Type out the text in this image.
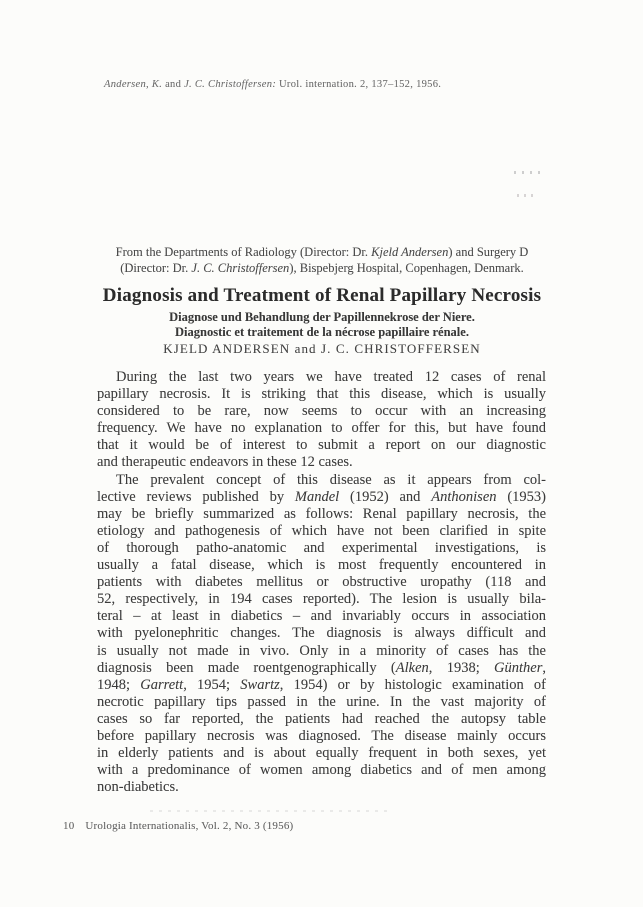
Andersen, K. and J. C. Christoffersen: Urol. internation. 2, 137–152, 1956.
From the Departments of Radiology (Director: Dr. Kjeld Andersen) and Surgery D
(Director: Dr. J. C. Christoffersen), Bispebjerg Hospital, Copenhagen, Denmark.
Diagnosis and Treatment of Renal Papillary Necrosis
Diagnose und Behandlung der Papillennekrose der Niere.
Diagnostic et traitement de la nécrose papillaire rénale.
KJELD ANDERSEN and J. C. CHRISTOFFERSEN
During the last two years we have treated 12 cases of renal
papillary necrosis. It is striking that this disease, which is usually
considered to be rare, now seems to occur with an increasing
frequency. We have no explanation to offer for this, but have found
that it would be of interest to submit a report on our diagnostic
and therapeutic endeavors in these 12 cases.
The prevalent concept of this disease as it appears from col-
lective reviews published by Mandel (1952) and Anthonisen (1953)
may be briefly summarized as follows: Renal papillary necrosis, the
etiology and pathogenesis of which have not been clarified in spite
of thorough patho-anatomic and experimental investigations, is
usually a fatal disease, which is most frequently encountered in
patients with diabetes mellitus or obstructive uropathy (118 and
52, respectively, in 194 cases reported). The lesion is usually bila-
teral – at least in diabetics – and invariably occurs in association
with pyelonephritic changes. The diagnosis is always difficult and
is usually not made in vivo. Only in a minority of cases has the
diagnosis been made roentgenographically (Alken, 1938; Günther,
1948; Garrett, 1954; Swartz, 1954) or by histologic examination of
necrotic papillary tips passed in the urine. In the vast majority of
cases so far reported, the patients had reached the autopsy table
before papillary necrosis was diagnosed. The disease mainly occurs
in elderly patients and is about equally frequent in both sexes, yet
with a predominance of women among diabetics and of men among
non-diabetics.
10 Urologia Internationalis, Vol. 2, No. 3 (1956)
